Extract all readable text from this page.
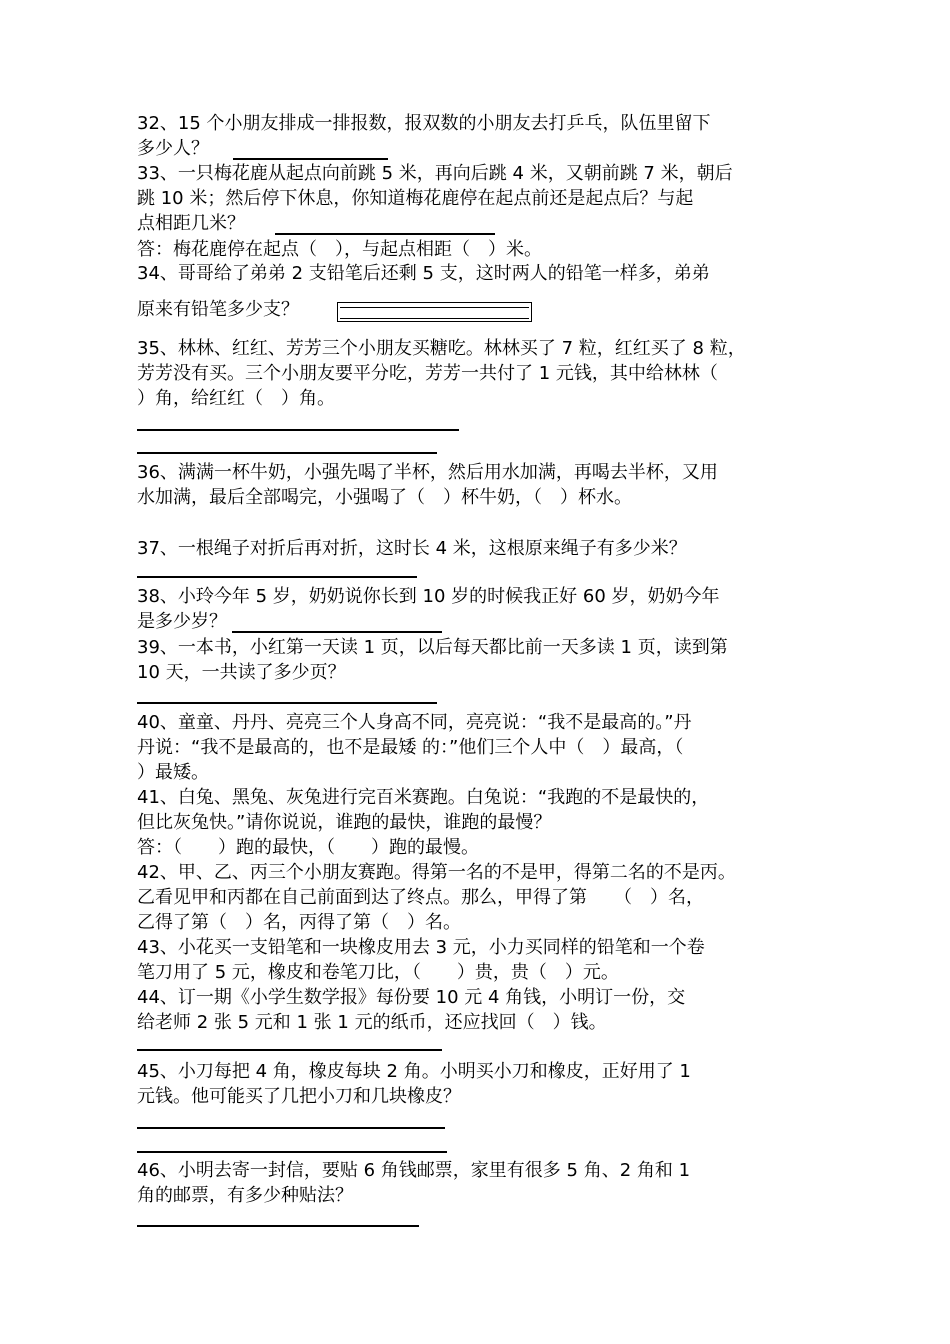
32、15 个小朋友排成一排报数，报双数的小朋友去打乒乓，队伍里留下
多少人？
33、一只梅花鹿从起点向前跳 5 米，再向后跳 4 米，又朝前跳 7 米，朝后
跳 10 米；然后停下休息，你知道梅花鹿停在起点前还是起点后？与起
点相距几米？
答：梅花鹿停在起点（　），与起点相距（　）米。
34、哥哥给了弟弟 2 支铅笔后还剩 5 支，这时两人的铅笔一样多，弟弟
原来有铅笔多少支？
35、林林、红红、芳芳三个小朋友买糖吃。林林买了 7 粒，红红买了 8 粒，
芳芳没有买。三个小朋友要平分吃，芳芳一共付了 1 元钱，其中给林林（
）角，给红红（　）角。
36、满满一杯牛奶，小强先喝了半杯，然后用水加满，再喝去半杯，又用
水加满，最后全部喝完，小强喝了（　）杯牛奶，（　）杯水。
37、一根绳子对折后再对折，这时长 4 米，这根原来绳子有多少米？
38、小玲今年 5 岁，奶奶说你长到 10 岁的时候我正好 60 岁，奶奶今年
是多少岁？
39、一本书，小红第一天读 1 页，以后每天都比前一天多读 1 页，读到第
10 天，一共读了多少页？
40、童童、丹丹、亮亮三个人身高不同，亮亮说：“我不是最高的。”丹
丹说：“我不是最高的，也不是最矮 的：”他们三个人中（　）最高，（
）最矮。
41、白兔、黑兔、灰兔进行完百米赛跑。白兔说：“我跑的不是最快的，
但比灰兔快。”请你说说，谁跑的最快，谁跑的最慢？
答：（　　）跑的最快，（　　）跑的最慢。
42、甲、乙、丙三个小朋友赛跑。得第一名的不是甲，得第二名的不是丙。
乙看见甲和丙都在自己前面到达了终点。那么，甲得了第　　（　）名，
乙得了第（　）名，丙得了第（　）名。
43、小花买一支铅笔和一块橡皮用去 3 元，小力买同样的铅笔和一个卷
笔刀用了 5 元，橡皮和卷笔刀比，（　　）贵，贵（　）元。
44、订一期《小学生数学报》每份要 10 元 4 角钱，小明订一份，交
给老师 2 张 5 元和 1 张 1 元的纸币，还应找回（　）钱。
45、小刀每把 4 角，橡皮每块 2 角。小明买小刀和橡皮，正好用了 1
元钱。他可能买了几把小刀和几块橡皮？
46、小明去寄一封信，要贴 6 角钱邮票，家里有很多 5 角、2 角和 1
角的邮票，有多少种贴法？
